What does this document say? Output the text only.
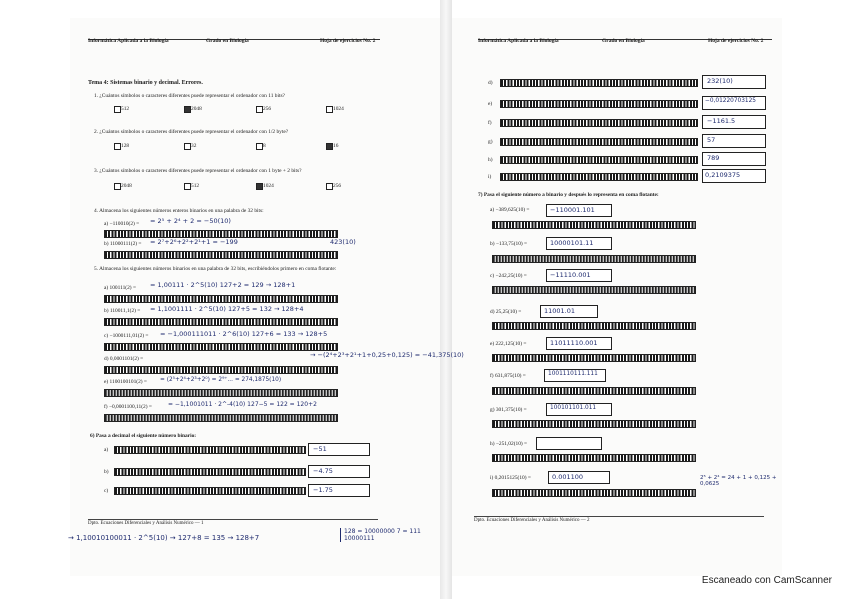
Informática Aplicada a la Biología	Grado en Biología	Hoja de ejercicios No. 2
Tema 4: Sistemas binario y decimal. Errores.
1. ¿Cuántos símbolos o caracteres diferentes puede representar el ordenador con 11 bits?
512	2048	256	1024
2. ¿Cuántos símbolos o caracteres diferentes puede representar el ordenador con 1/2 byte?
128	32	8	16
3. ¿Cuántos símbolos o caracteres diferentes puede representar el ordenador con 1 byte + 2 bits?
2048	512	1024	256
4. Almacena los siguientes números enteros binarios en una palabra de 32 bits:
a) −110010(2) = = 2⁵ + 2⁴ + 2 = −50(10)
b) 11000111(2) = = 2⁷+2⁶+2²+2¹+1 = −199	423(10)
5. Almacena los siguientes números binarios en una palabra de 32 bits, escribiéndolos primero en coma flotante:
a) 100111(2) = = 1,00111 · 2^5(10) 127+2 = 129 → 128+1
b) 110011,1(2) = = 1,1001111 · 2^5(10) 127+5 = 132 → 128+4
c) −1000111,01(2) = = −1,000111011 · 2^6(10) 127+6 = 133 → 128+5
d) 0,0001101(2) =	→ −(2⁴+2³+2¹+1+0,25+0,125) = −41,375(10)
e) 1100100101(2) = = (2⁵+2⁴+2³+2⁰) = 2⁹⁺... = 274,1875(10)
f) −0,0001100,11(2) =	= −1,1001011 · 2^-4(10) 127−5 = 122 = 120+2
6) Pasa a decimal el siguiente número binario:
a)	−51
b)	−4.75
c)	−1.75
Dpto. Ecuaciones Diferenciales y Análisis Numérico — 1
→ 1,10010100011 · 2^5(10) → 127+8 = 135 → 128+7
128 = 10000000 7 = 111 10000111
Informática Aplicada a la Biología	Grado en Biología	Hoja de ejercicios No. 2
d)	232(10)
e)	−0,01220703125
f)	−1161.5
g)	57
h)	789
i)	0,2109375
7) Pasa el siguiente número a binario y después lo representa en coma flotante:
a) −389,625(10) =	−110001.101
b) −133,75(10) =	10000101.11
c) −242,25(10) =	−11110.001
d) 25,25(10) =	11001.01
e) 222,125(10) =	11011110.001
f) 631,875(10) =	1001110111.111
g) 301,375(10) =	100101101.011
h) −251,02(10) =
i) 0,2015125(10) =	0.001100	2⁵ + 2⁴ = 24 + 1 + 0,125 + 0,0625
Dpto. Ecuaciones Diferenciales y Análisis Numérico — 2
Escaneado con CamScanner
